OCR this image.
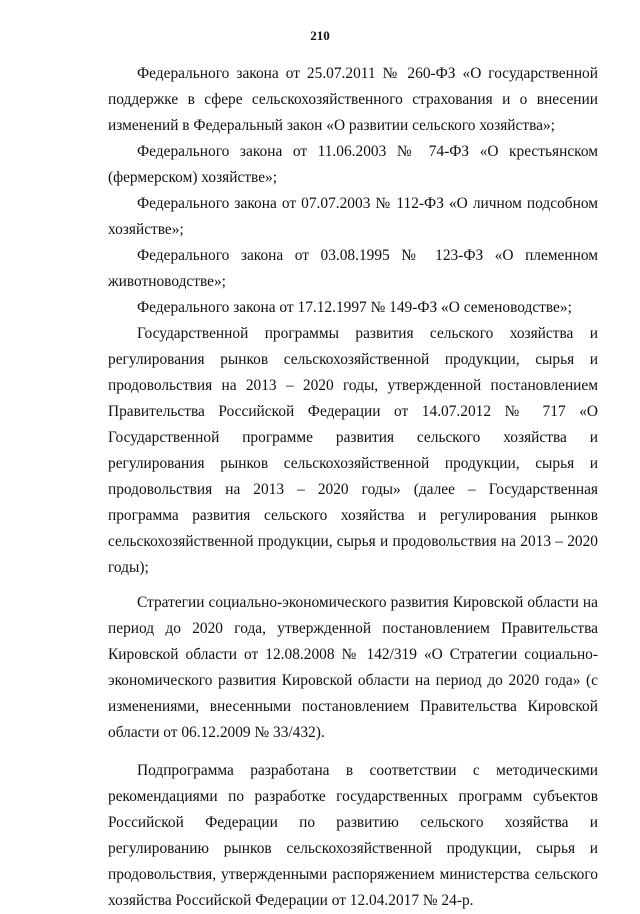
210

Федерального закона от 25.07.2011 № 260-ФЗ «О государственной поддержке в сфере сельскохозяйственного страхования и о внесении изменений в Федеральный закон «О развитии сельского хозяйства»;

Федерального закона от 11.06.2003 № 74-ФЗ «О крестьянском (фермерском) хозяйстве»;

Федерального закона от 07.07.2003 № 112-ФЗ «О личном подсобном хозяйстве»;

Федерального закона от 03.08.1995 № 123-ФЗ «О племенном животноводстве»;

Федерального закона от 17.12.1997 № 149-ФЗ «О семеноводстве»;

Государственной программы развития сельского хозяйства и регулирования рынков сельскохозяйственной продукции, сырья и продовольствия на 2013 – 2020 годы, утвержденной постановлением Правительства Российской Федерации от 14.07.2012 № 717 «О Государственной программе развития сельского хозяйства и регулирования рынков сельскохозяйственной продукции, сырья и продовольствия на 2013 – 2020 годы» (далее – Государственная программа развития сельского хозяйства и регулирования рынков сельскохозяйственной продукции, сырья и продовольствия на 2013 – 2020 годы);

Стратегии социально-экономического развития Кировской области на период до 2020 года, утвержденной постановлением Правительства Кировской области от 12.08.2008 № 142/319 «О Стратегии социально-экономического развития Кировской области на период до 2020 года» (с изменениями, внесенными постановлением Правительства Кировской области от 06.12.2009 № 33/432).

Подпрограмма разработана в соответствии с методическими рекомендациями по разработке государственных программ субъектов Российской Федерации по развитию сельского хозяйства и регулированию рынков сельскохозяйственной продукции, сырья и продовольствия, утвержденными распоряжением министерства сельского хозяйства Российской Федерации от 12.04.2017 № 24-р.
